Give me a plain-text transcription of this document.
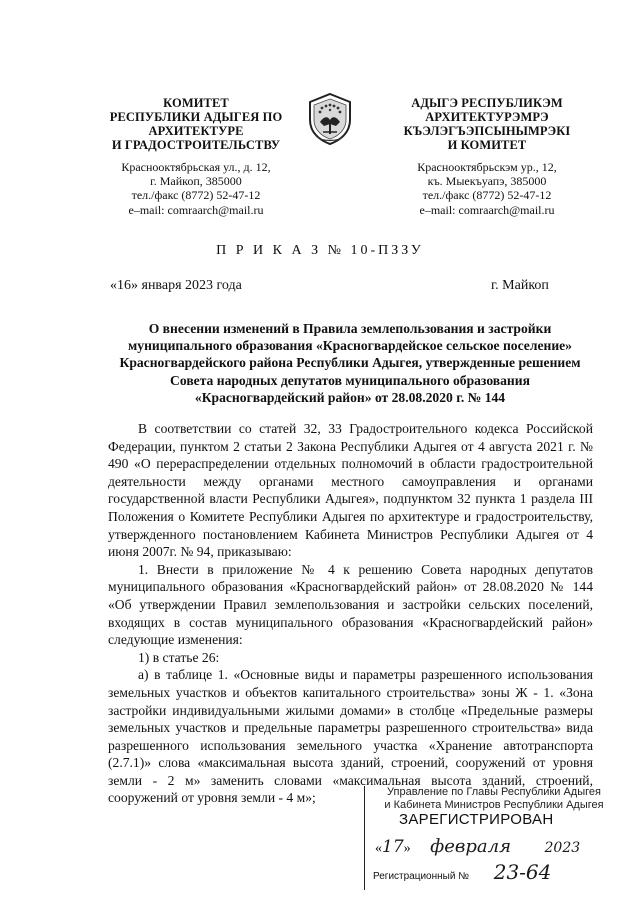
КОМИТЕТ
РЕСПУБЛИКИ АДЫГЕЯ ПО
АРХИТЕКТУРЕ
И ГРАДОСТРОИТЕЛЬСТВУ
Краснооктябрьская ул., д. 12,
г. Майкоп, 385000
тел./факс (8772) 52-47-12
e–mail: comraarch@mail.ru
АДЫГЭ РЕСПУБЛИКЭМ
АРХИТЕКТУРЭМРЭ
КЪЭЛЭГЪЭПСЫНЫМРЭКІ
И КОМИТЕТ
Краснооктябрьскэм ур., 12,
къ. Мыекъуапэ, 385000
тел./факс (8772) 52-47-12
e–mail: comraarch@mail.ru
П Р И К А З № 10-ПЗЗУ
«16» января 2023 года	г. Майкоп
О внесении изменений в Правила землепользования и застройки муниципального образования «Красногвардейское сельское поселение» Красногвардейского района Республики Адыгея, утвержденные решением Совета народных депутатов муниципального образования «Красногвардейский район» от 28.08.2020 г. № 144

В соответствии со статей 32, 33 Градостроительного кодекса Российской Федерации, пунктом 2 статьи 2 Закона Республики Адыгея от 4 августа 2021 г. № 490 «О перераспределении отдельных полномочий в области градостроительной деятельности между органами местного самоуправления и органами государственной власти Республики Адыгея», подпунктом 32 пункта 1 раздела III Положения о Комитете Республики Адыгея по архитектуре и градостроительству, утвержденного постановлением Кабинета Министров Республики Адыгея от 4 июня 2007г. № 94, приказываю:

1. Внести в приложение № 4 к решению Совета народных депутатов муниципального образования «Красногвардейский район» от 28.08.2020 № 144 «Об утверждении Правил землепользования и застройки сельских поселений, входящих в состав муниципального образования «Красногвардейский район» следующие изменения:

1) в статье 26:

а) в таблице 1. «Основные виды и параметры разрешенного использования земельных участков и объектов капитального строительства» зоны Ж - 1. «Зона застройки индивидуальными жилыми домами» в столбце «Предельные размеры земельных участков и предельные параметры разрешенного строительства» вида разрешенного использования земельного участка «Хранение автотранспорта (2.7.1)» слова «максимальная высота зданий, строений, сооружений от уровня земли - 2 м» заменить словами «максимальная высота зданий, строений, сооружений от уровня земли - 4 м»;	Управление по Главы Республики Адыгея
и Кабинета Министров Республики Адыгея
ЗАРЕГИСТРИРОВАН
«17» февраля 2023
Регистрационный № 23-64
